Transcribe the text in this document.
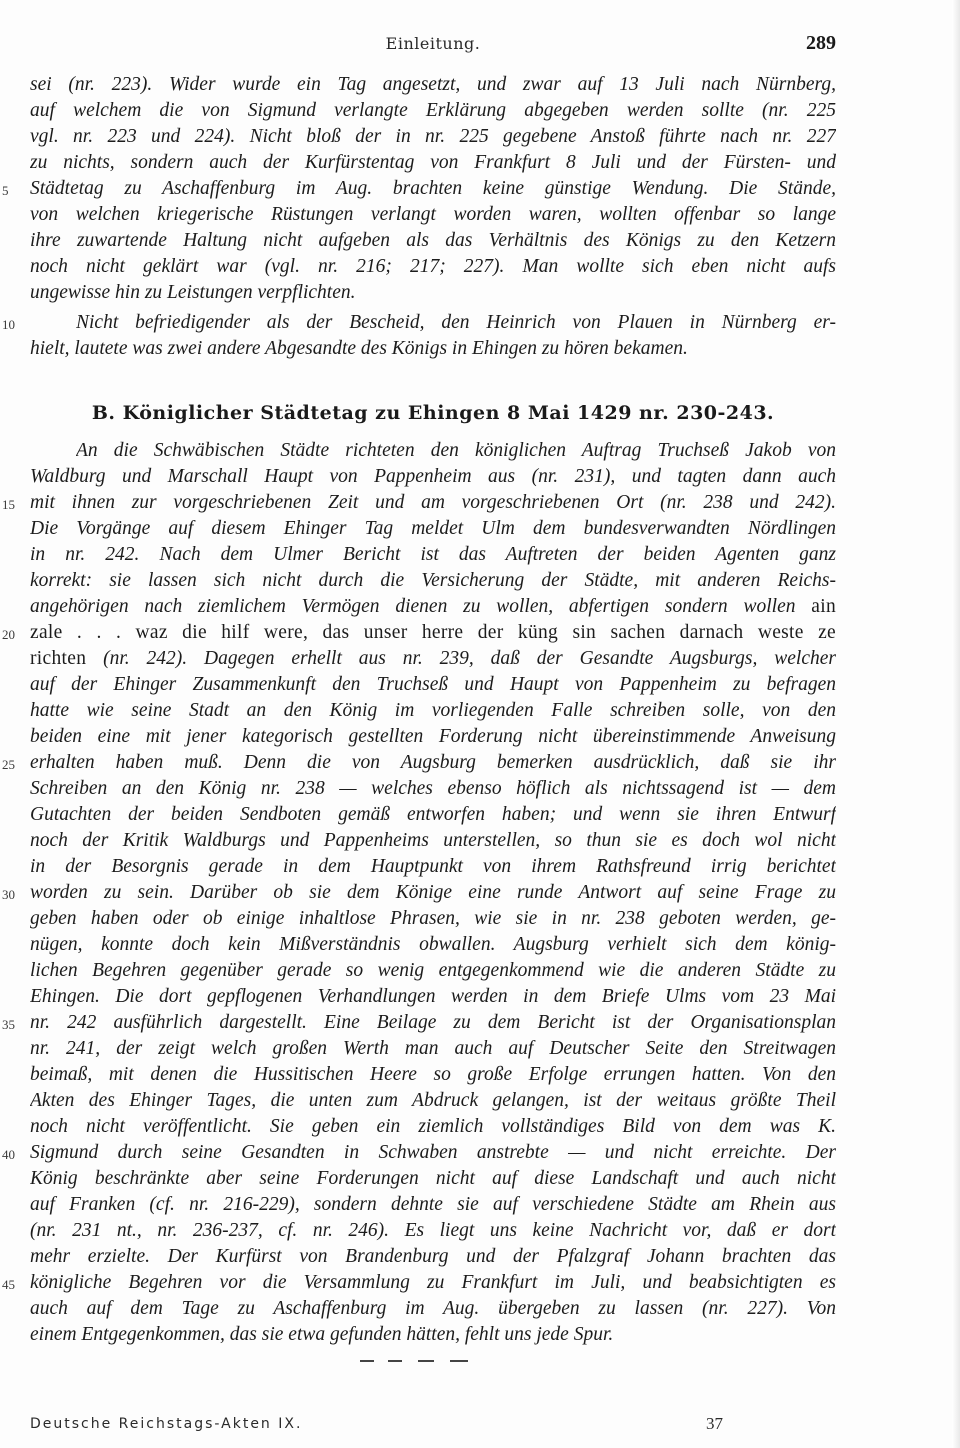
Einleitung.	289
sei (nr. 223). Wider wurde ein Tag angesetzt, und zwar auf 13 Juli nach Nürnberg,
auf welchem die von Sigmund verlangte Erklärung abgegeben werden sollte (nr. 225
vgl. nr. 223 und 224). Nicht bloß der in nr. 225 gegebene Anstoß führte nach nr. 227
zu nichts, sondern auch der Kurfürstentag von Frankfurt 8 Juli und der Fürsten- und
Städtetag zu Aschaffenburg im Aug. brachten keine günstige Wendung. Die Stände,
von welchen kriegerische Rüstungen verlangt worden waren, wollten offenbar so lange
ihre zuwartende Haltung nicht aufgeben als das Verhältnis des Königs zu den Ketzern
noch nicht geklärt war (vgl. nr. 216; 217; 227). Man wollte sich eben nicht aufs
ungewisse hin zu Leistungen verpflichten.
Nicht befriedigender als der Bescheid, den Heinrich von Plauen in Nürnberg er-
hielt, lautete was zwei andere Abgesandte des Königs in Ehingen zu hören bekamen.
B. Königlicher Städtetag zu Ehingen 8 Mai 1429 nr. 230-243.
An die Schwäbischen Städte richteten den königlichen Auftrag Truchseß Jakob von
Waldburg und Marschall Haupt von Pappenheim aus (nr. 231), und tagten dann auch
mit ihnen zur vorgeschriebenen Zeit und am vorgeschriebenen Ort (nr. 238 und 242).
Die Vorgänge auf diesem Ehinger Tag meldet Ulm dem bundesverwandten Nördlingen
in nr. 242. Nach dem Ulmer Bericht ist das Auftreten der beiden Agenten ganz
korrekt: sie lassen sich nicht durch die Versicherung der Städte, mit anderen Reichs-
angehörigen nach ziemlichem Vermögen dienen zu wollen, abfertigen sondern wollen ain
zale . . . waz die hilf were, das unser herre der küng sin sachen darnach weste ze
richten (nr. 242). Dagegen erhellt aus nr. 239, daß der Gesandte Augsburgs, welcher
auf der Ehinger Zusammenkunft den Truchseß und Haupt von Pappenheim zu befragen
hatte wie seine Stadt an den König im vorliegenden Falle schreiben solle, von den
beiden eine mit jener kategorisch gestellten Forderung nicht übereinstimmende Anweisung
erhalten haben muß. Denn die von Augsburg bemerken ausdrücklich, daß sie ihr
Schreiben an den König nr. 238 — welches ebenso höflich als nichtssagend ist — dem
Gutachten der beiden Sendboten gemäß entworfen haben; und wenn sie ihren Entwurf
noch der Kritik Waldburgs und Pappenheims unterstellen, so thun sie es doch wol nicht
in der Besorgnis gerade in dem Hauptpunkt von ihrem Rathsfreund irrig berichtet
worden zu sein. Darüber ob sie dem Könige eine runde Antwort auf seine Frage zu
geben haben oder ob einige inhaltlose Phrasen, wie sie in nr. 238 geboten werden, ge-
nügen, konnte doch kein Mißverständnis obwallen. Augsburg verhielt sich dem könig-
lichen Begehren gegenüber gerade so wenig entgegenkommend wie die anderen Städte zu
Ehingen. Die dort gepflogenen Verhandlungen werden in dem Briefe Ulms vom 23 Mai
nr. 242 ausführlich dargestellt. Eine Beilage zu dem Bericht ist der Organisationsplan
nr. 241, der zeigt welch großen Werth man auch auf Deutscher Seite den Streitwagen
beimaß, mit denen die Hussitischen Heere so große Erfolge errungen hatten. Von den
Akten des Ehinger Tages, die unten zum Abdruck gelangen, ist der weitaus größte Theil
noch nicht veröffentlicht. Sie geben ein ziemlich vollständiges Bild von dem was K.
Sigmund durch seine Gesandten in Schwaben anstrebte — und nicht erreichte. Der
König beschränkte aber seine Forderungen nicht auf diese Landschaft und auch nicht
auf Franken (cf. nr. 216-229), sondern dehnte sie auf verschiedene Städte am Rhein aus
(nr. 231 nt., nr. 236-237, cf. nr. 246). Es liegt uns keine Nachricht vor, daß er dort
mehr erzielte. Der Kurfürst von Brandenburg und der Pfalzgraf Johann brachten das
königliche Begehren vor die Versammlung zu Frankfurt im Juli, und beabsichtigten es
auch auf dem Tage zu Aschaffenburg im Aug. übergeben zu lassen (nr. 227). Von
einem Entgegenkommen, das sie etwa gefunden hätten, fehlt uns jede Spur.
5
10
15
20
25
30
35
40
45
Deutsche Reichstags-Akten IX.	37
